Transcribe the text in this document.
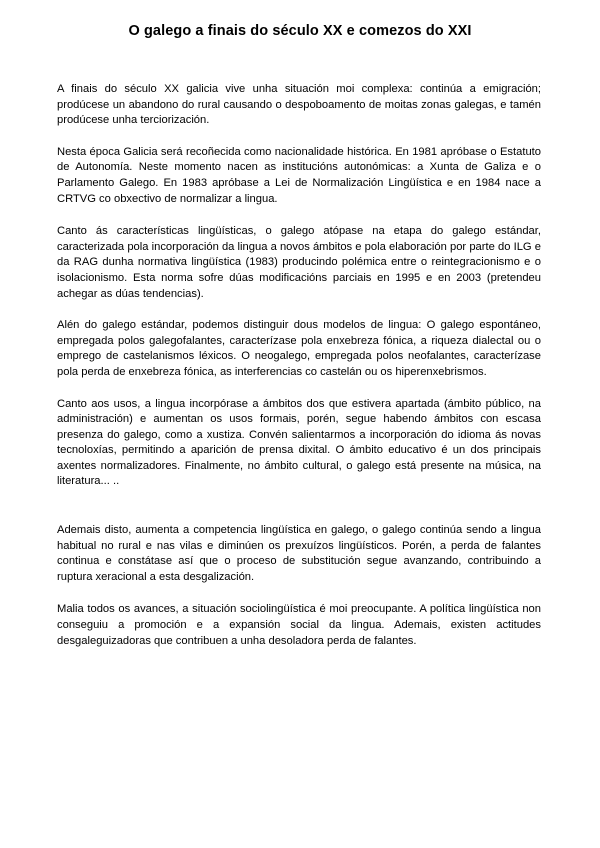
O galego a finais do século XX e comezos do XXI

A finais do século XX galicia vive unha situación moi complexa: continúa a emigración; prodúcese un abandono do rural causando o despoboamento de moitas zonas galegas, e tamén prodúcese unha terciorización.

Nesta época Galicia será recoñecida como nacionalidade histórica. En 1981 apróbase o Estatuto de Autonomía. Neste momento nacen as institucións autonómicas: a Xunta de Galiza e o Parlamento Galego. En 1983 apróbase a Lei de Normalización Lingüística e en 1984 nace a CRTVG co obxectivo de normalizar a lingua.

Canto ás características lingüísticas, o galego atópase na etapa do galego estándar, caracterizada pola incorporación da lingua a novos ámbitos e pola elaboración por parte do ILG e da RAG dunha normativa lingüística (1983) producindo polémica entre o reintegracionismo e o isolacionismo. Esta norma sofre dúas modificacións parciais en 1995 e en 2003 (pretendeu achegar as dúas tendencias).

Alén do galego estándar, podemos distinguir dous modelos de lingua: O galego espontáneo, empregada polos galegofalantes, caracterízase pola enxebreza fónica, a riqueza dialectal ou o emprego de castelanismos léxicos. O neogalego, empregada polos neofalantes, caracterízase pola perda de enxebreza fónica, as interferencias co castelán ou os hiperenxebrismos.

Canto aos usos, a lingua incorpórase a ámbitos dos que estivera apartada (ámbito público, na administración) e aumentan os usos formais, porén, segue habendo ámbitos con escasa presenza do galego, como a xustiza. Convén salientarmos a incorporación do idioma ás novas tecnoloxías, permitindo a aparición de prensa dixital. O ámbito educativo é un dos principais axentes normalizadores. Finalmente, no ámbito cultural, o galego está presente na música, na literatura... ..

Ademais disto, aumenta a competencia lingüística en galego, o galego continúa sendo a lingua habitual no rural e nas vilas e diminúen os prexuízos lingüísticos. Porén, a perda de falantes continua e constátase así que o proceso de substitución segue avanzando, contribuindo a ruptura xeracional a esta desgalización.

Malia todos os avances, a situación sociolingüística é moi preocupante. A política lingüística non conseguiu a promoción e a expansión social da lingua. Ademais, existen actitudes desgaleguizadoras que contribuen a unha desoladora perda de falantes.
